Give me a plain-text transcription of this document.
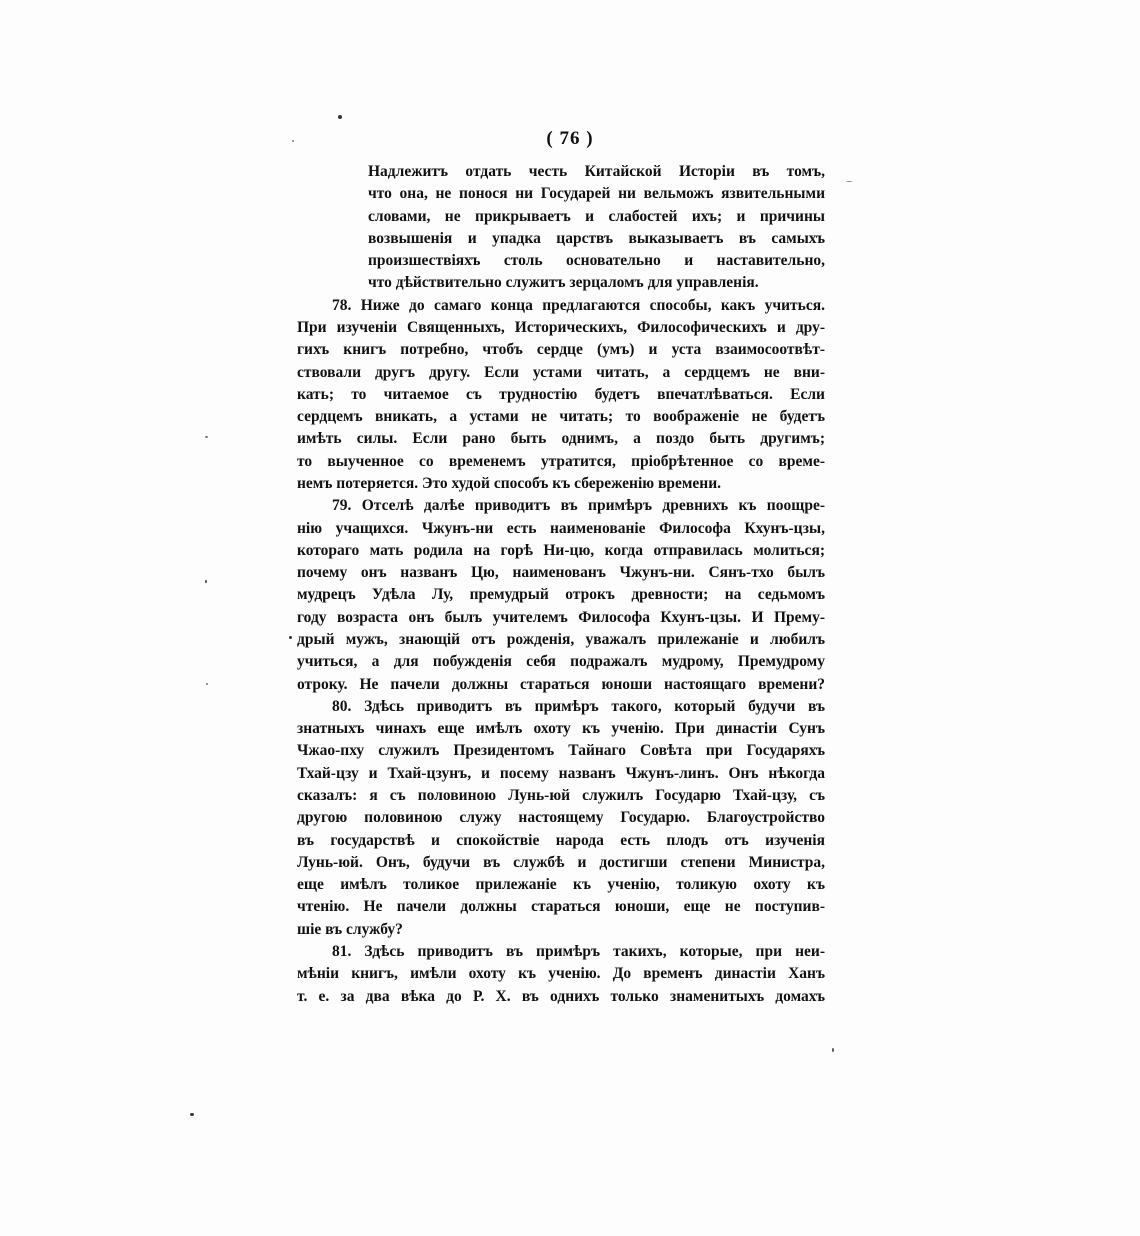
( 76 )
Надлежитъ отдать честь Китайской Исторіи въ томъ,
что она, не понося ни Государей ни вельможъ язвительными
словами, не прикрываетъ и слабостей ихъ; и причины
возвышенія и упадка царствъ выказываетъ въ самыхъ
произшествіяхъ столь основательно и наставительно,
что дѣйствительно служитъ зерцаломъ для управленія.
78. Ниже до самаго конца предлагаются способы, какъ учиться.
При изученіи Священныхъ, Историческихъ, Философическихъ и дру-
гихъ книгъ потребно, чтобъ сердце (умъ) и уста взаимосоотвѣт-
ствовали другъ другу. Если устами читать, а сердцемъ не вни-
кать; то читаемое съ трудностію будетъ впечатлѣваться. Если
сердцемъ вникать, а устами не читать; то воображеніе не будетъ
имѣть силы. Если рано быть однимъ, а поздо быть другимъ;
то выученное со временемъ утратится, пріобрѣтенное со време-
немъ потеряется. Это худой способъ къ сбереженію времени.
79. Отселѣ далѣе приводитъ въ примѣръ древнихъ къ поощре-
нію учащихся. Чжунъ-ни есть наименованіе Философа Кхунъ-цзы,
котораго мать родила на горѣ Ни-цю, когда отправилась молиться;
почему онъ названъ Цю, наименованъ Чжунъ-ни. Сянъ-тхо былъ
мудрецъ Удѣла Лу, премудрый отрокъ древности; на седьмомъ
году возраста онъ былъ учителемъ Философа Кхунъ-цзы. И Прему-
дрый мужъ, знающій отъ рожденія, уважалъ прилежаніе и любилъ
учиться, а для побужденія себя подражалъ мудрому, Премудрому
отроку. Не пачели должны стараться юноши настоящаго времени?
80. Здѣсь приводитъ въ примѣръ такого, который будучи въ
знатныхъ чинахъ еще имѣлъ охоту къ ученію. При династіи Сунъ
Чжао-пху служилъ Президентомъ Тайнаго Совѣта при Государяхъ
Тхай-цзу и Тхай-цзунъ, и посему названъ Чжунъ-линъ. Онъ нѣкогда
сказалъ: я съ половиною Лунь-юй служилъ Государю Тхай-цзу, съ
другою половиною служу настоящему Государю. Благоустройство
въ государствѣ и спокойствіе народа есть плодъ отъ изученія
Лунь-юй. Онъ, будучи въ службѣ и достигши степени Министра,
еще имѣлъ толикое прилежаніе къ ученію, толикую охоту къ
чтенію. Не пачели должны стараться юноши, еще не поступив-
шіе въ службу?
81. Здѣсь приводитъ въ примѣръ такихъ, которые, при неи-
мѣніи книгъ, имѣли охоту къ ученію. До временъ династіи Ханъ
т. е. за два вѣка до Р. Х. въ однихъ только знаменитыхъ домахъ
